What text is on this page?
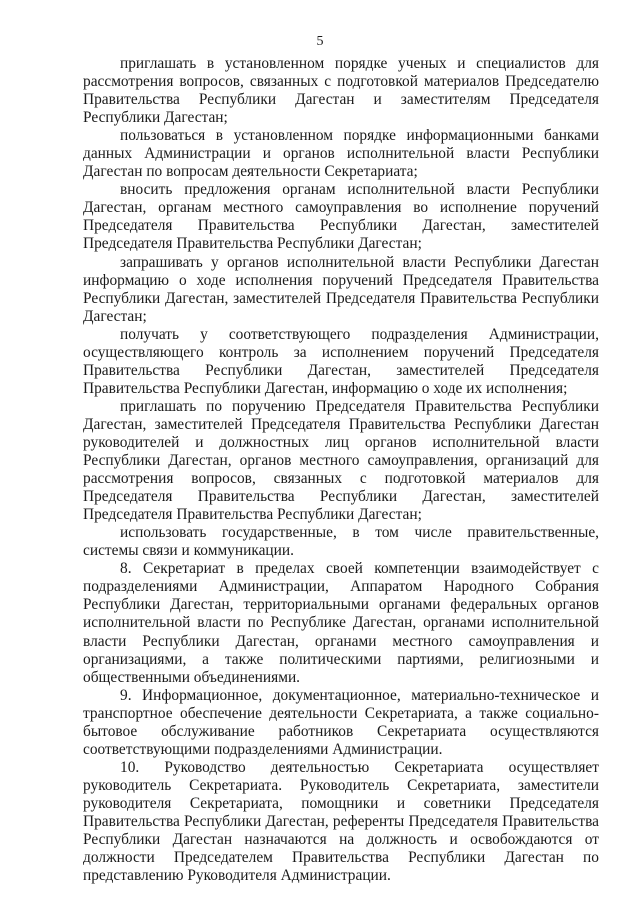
5

приглашать в установленном порядке ученых и специалистов для рассмотрения вопросов, связанных с подготовкой материалов Председателю Правительства Республики Дагестан и заместителям Председателя Республики Дагестан;

пользоваться в установленном порядке информационными банками данных Администрации и органов исполнительной власти Республики Дагестан по вопросам деятельности Секретариата;

вносить предложения органам исполнительной власти Республики Дагестан, органам местного самоуправления во исполнение поручений Председателя Правительства Республики Дагестан, заместителей Председателя Правительства Республики Дагестан;

запрашивать у органов исполнительной власти Республики Дагестан информацию о ходе исполнения поручений Председателя Правительства Республики Дагестан, заместителей Председателя Правительства Республики Дагестан;

получать у соответствующего подразделения Администрации, осуществляющего контроль за исполнением поручений Председателя Правительства Республики Дагестан, заместителей Председателя Правительства Республики Дагестан, информацию о ходе их исполнения;

приглашать по поручению Председателя Правительства Республики Дагестан, заместителей Председателя Правительства Республики Дагестан руководителей и должностных лиц органов исполнительной власти Республики Дагестан, органов местного самоуправления, организаций для рассмотрения вопросов, связанных с подготовкой материалов для Председателя Правительства Республики Дагестан, заместителей Председателя Правительства Республики Дагестан;

использовать государственные, в том числе правительственные, системы связи и коммуникации.

8. Секретариат в пределах своей компетенции взаимодействует с подразделениями Администрации, Аппаратом Народного Собрания Республики Дагестан, территориальными органами федеральных органов исполнительной власти по Республике Дагестан, органами исполнительной власти Республики Дагестан, органами местного самоуправления и организациями, а также политическими партиями, религиозными и общественными объединениями.

9. Информационное, документационное, материально-техническое и транспортное обеспечение деятельности Секретариата, а также социально-бытовое обслуживание работников Секретариата осуществляются соответствующими подразделениями Администрации.

10. Руководство деятельностью Секретариата осуществляет руководитель Секретариата. Руководитель Секретариата, заместители руководителя Секретариата, помощники и советники Председателя Правительства Республики Дагестан, референты Председателя Правительства Республики Дагестан назначаются на должность и освобождаются от должности Председателем Правительства Республики Дагестан по представлению Руководителя Администрации.
